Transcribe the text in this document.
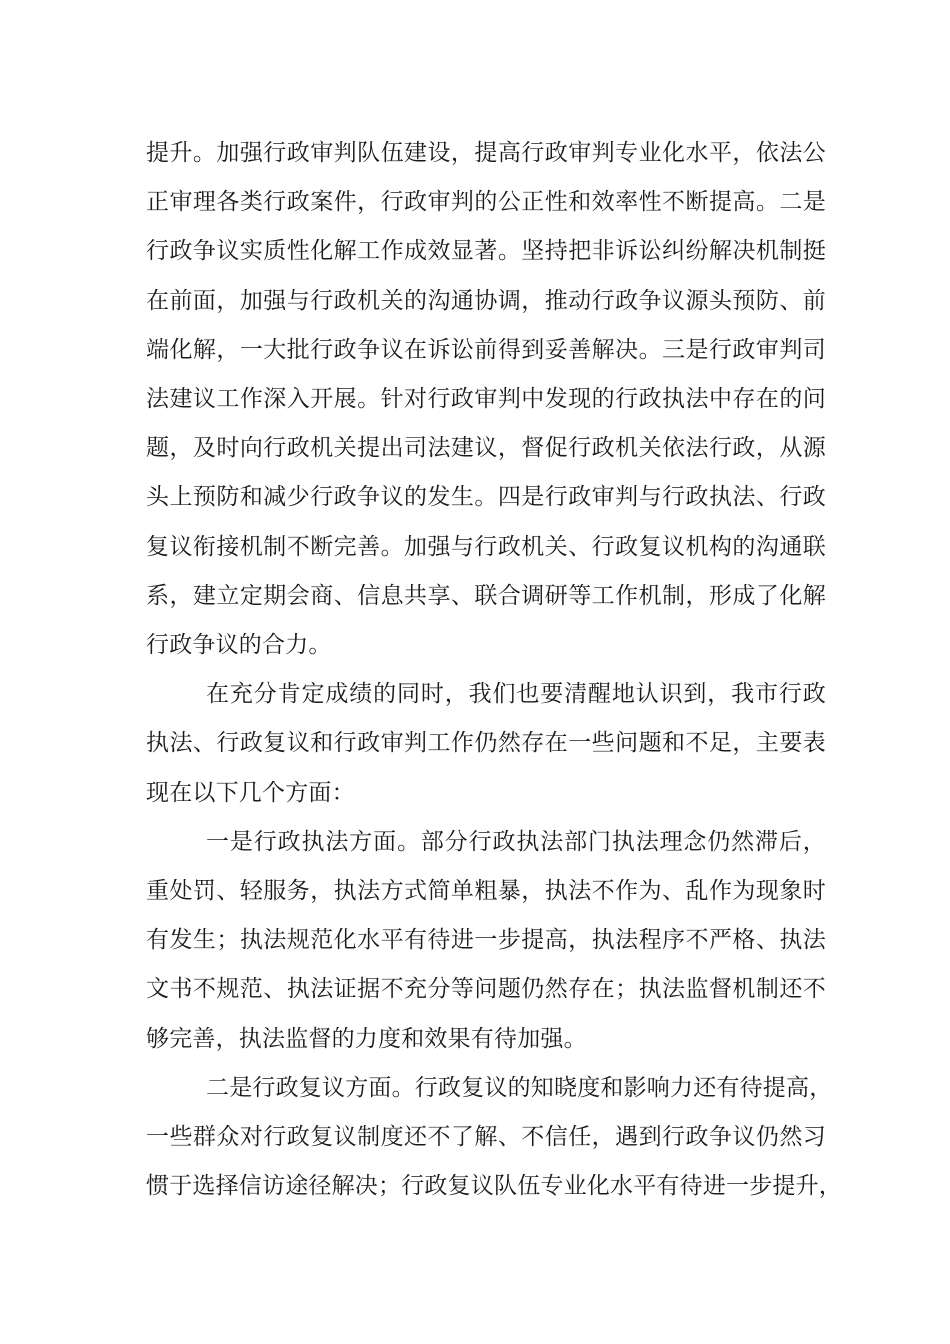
提升。加强行政审判队伍建设，提高行政审判专业化水平，依法公
正审理各类行政案件，行政审判的公正性和效率性不断提高。二是
行政争议实质性化解工作成效显著。坚持把非诉讼纠纷解决机制挺
在前面，加强与行政机关的沟通协调，推动行政争议源头预防、前
端化解，一大批行政争议在诉讼前得到妥善解决。三是行政审判司
法建议工作深入开展。针对行政审判中发现的行政执法中存在的问
题，及时向行政机关提出司法建议，督促行政机关依法行政，从源
头上预防和减少行政争议的发生。四是行政审判与行政执法、行政
复议衔接机制不断完善。加强与行政机关、行政复议机构的沟通联
系，建立定期会商、信息共享、联合调研等工作机制，形成了化解
行政争议的合力。
在充分肯定成绩的同时，我们也要清醒地认识到，我市行政
执法、行政复议和行政审判工作仍然存在一些问题和不足，主要表
现在以下几个方面：
一是行政执法方面。部分行政执法部门执法理念仍然滞后，
重处罚、轻服务，执法方式简单粗暴，执法不作为、乱作为现象时
有发生；执法规范化水平有待进一步提高，执法程序不严格、执法
文书不规范、执法证据不充分等问题仍然存在；执法监督机制还不
够完善，执法监督的力度和效果有待加强。
二是行政复议方面。行政复议的知晓度和影响力还有待提高，
一些群众对行政复议制度还不了解、不信任，遇到行政争议仍然习
惯于选择信访途径解决；行政复议队伍专业化水平有待进一步提升，
